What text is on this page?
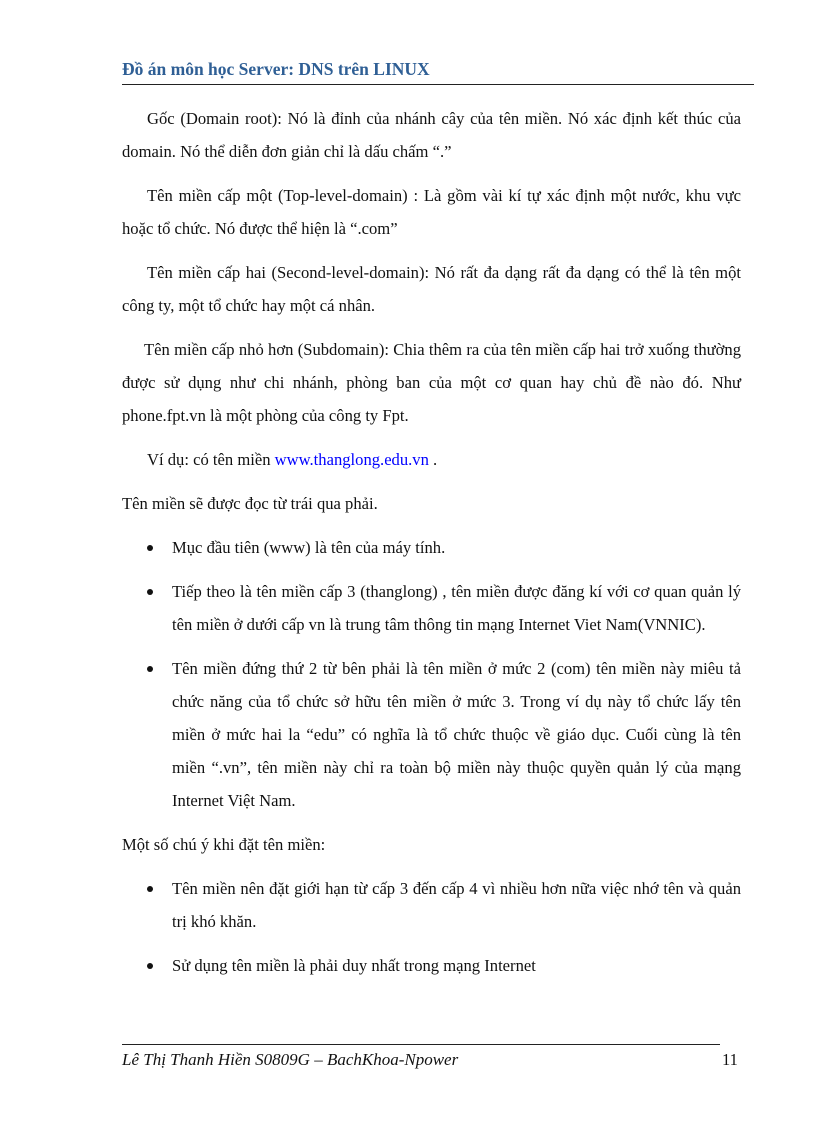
Đồ án môn học Server: DNS trên LINUX

Gốc (Domain root): Nó là đỉnh của nhánh cây của tên miền. Nó xác định kết thúc của domain. Nó thể diễn đơn giản chỉ là dấu chấm “.”

Tên miền cấp một (Top-level-domain) : Là gồm vài kí tự xác định một nước, khu vực hoặc tổ chức. Nó được thể hiện là “.com”

Tên miền cấp hai (Second-level-domain): Nó rất đa dạng rất đa dạng có thể là tên một công ty, một tổ chức hay một cá nhân.

Tên miền cấp nhỏ hơn (Subdomain): Chia thêm ra của tên miền cấp hai trở xuống thường được sử dụng như chi nhánh, phòng ban của một cơ quan hay chủ đề nào đó. Như phone.fpt.vn là một phòng của công ty Fpt.

Ví dụ: có tên miền www.thanglong.edu.vn .

Tên miền sẽ được đọc từ trái qua phải.

Mục đầu tiên (www) là tên của máy tính.
Tiếp theo là tên miền cấp 3 (thanglong) , tên miền được đăng kí với cơ quan quản lý tên miền ở dưới cấp vn là trung tâm thông tin mạng Internet Viet Nam(VNNIC).
Tên miền đứng thứ 2 từ bên phải là tên miền ở mức 2 (com) tên miền này miêu tả chức năng của tổ chức sở hữu tên miền ở mức 3. Trong ví dụ này tổ chức lấy tên miền ở mức hai la “edu” có nghĩa là tổ chức thuộc về giáo dục. Cuối cùng là tên miền “.vn”, tên miền này chỉ ra toàn bộ miền này thuộc quyền quản lý của mạng Internet Việt Nam.

Một số chú ý khi đặt tên miền:

Tên miền nên đặt giới hạn từ cấp 3 đến cấp 4 vì nhiều hơn nữa việc nhớ tên và quản trị khó khăn.
Sử dụng tên miền là phải duy nhất trong mạng Internet
Lê Thị Thanh Hiền S0809G – BachKhoa-Npower	11
